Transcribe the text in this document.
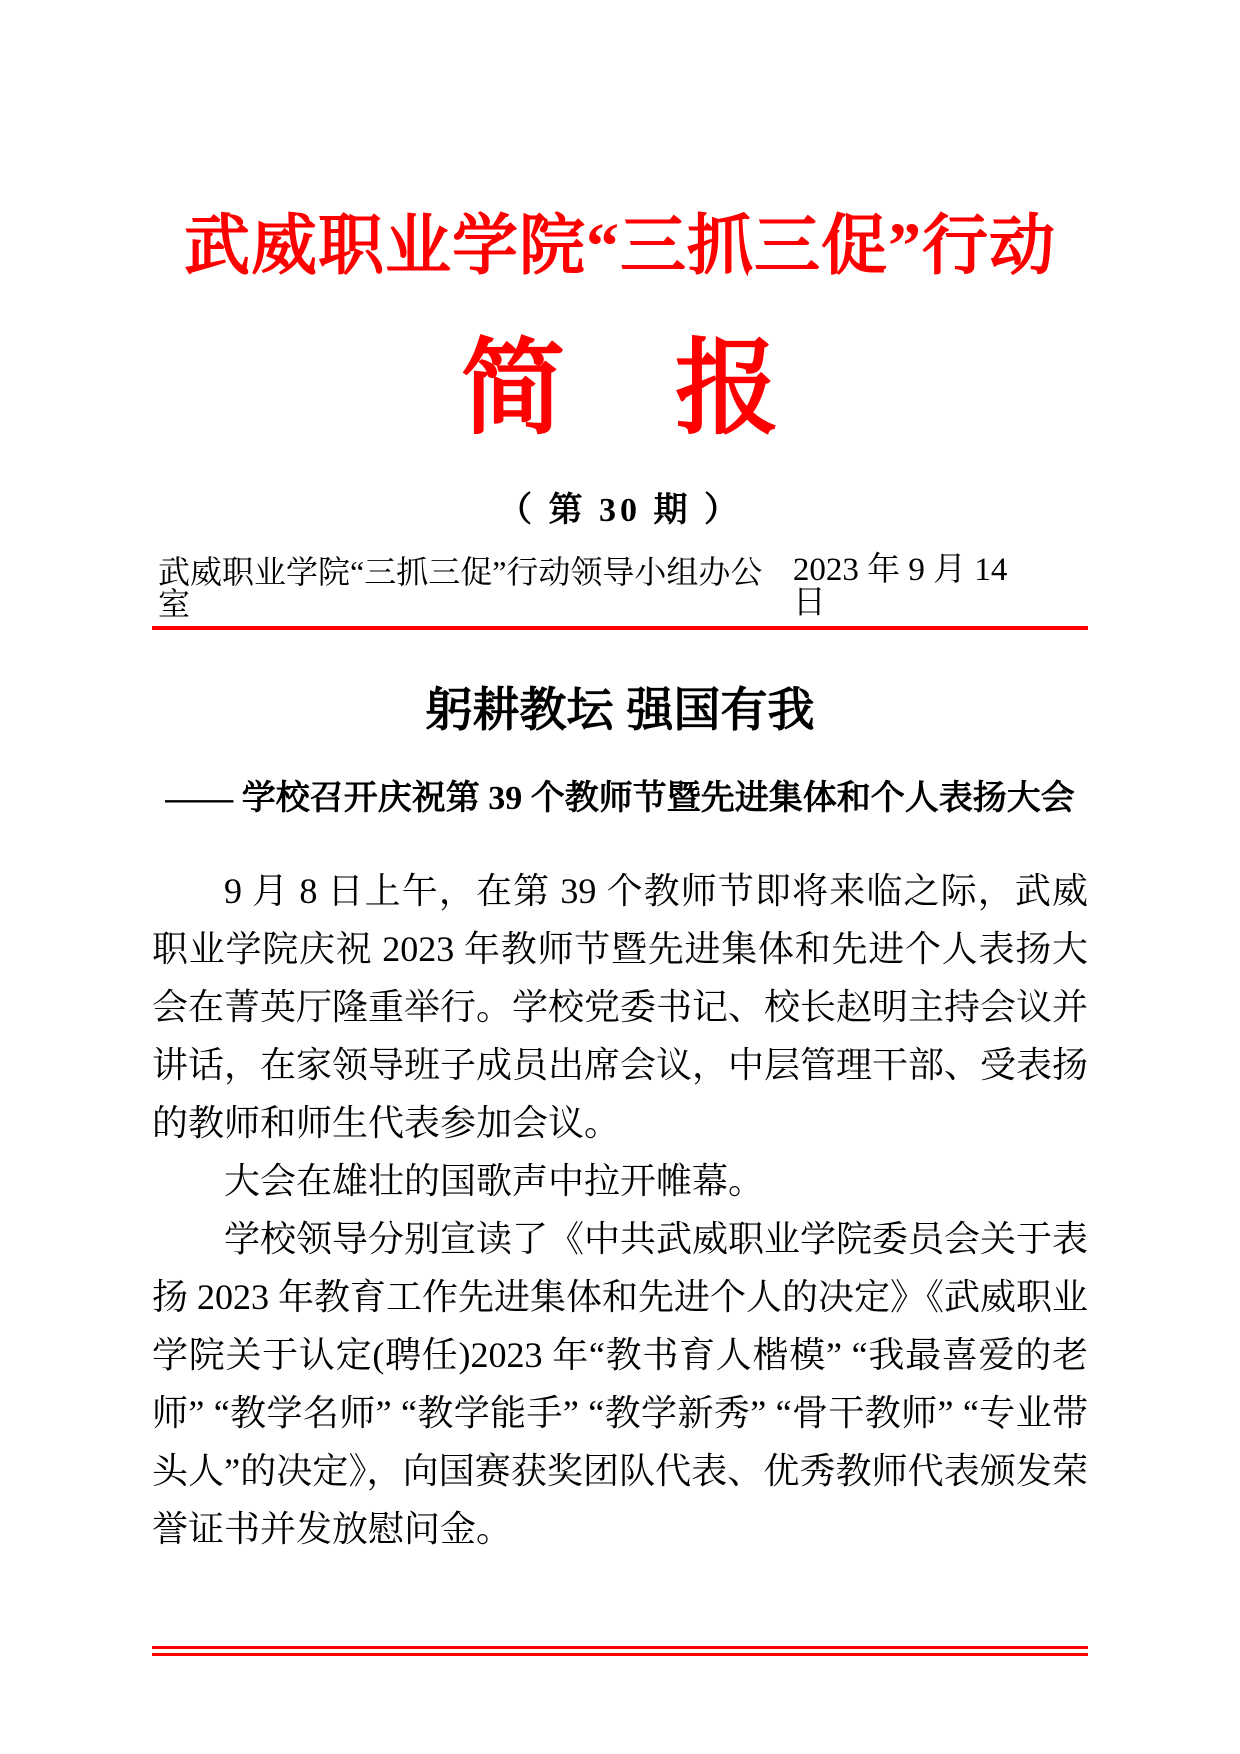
武威职业学院“三抓三促”行动
简 报
（ 第 30 期 ）
武威职业学院“三抓三促”行动领导小组办公室
2023 年 9 月 14 日
躬耕教坛 强国有我
—— 学校召开庆祝第 39 个教师节暨先进集体和个人表扬大会

9 月 8 日上午，在第 39 个教师节即将来临之际，武威职业学院庆祝 2023 年教师节暨先进集体和先进个人表扬大会在菁英厅隆重举行。学校党委书记、校长赵明主持会议并讲话，在家领导班子成员出席会议，中层管理干部、受表扬的教师和师生代表参加会议。

大会在雄壮的国歌声中拉开帷幕。

学校领导分别宣读了《中共武威职业学院委员会关于表扬 2023 年教育工作先进集体和先进个人的决定》《武威职业学院关于认定(聘任)2023 年“教书育人楷模” “我最喜爱的老师” “教学名师” “教学能手” “教学新秀” “骨干教师” “专业带头人”的决定》，向国赛获奖团队代表、优秀教师代表颁发荣誉证书并发放慰问金。
